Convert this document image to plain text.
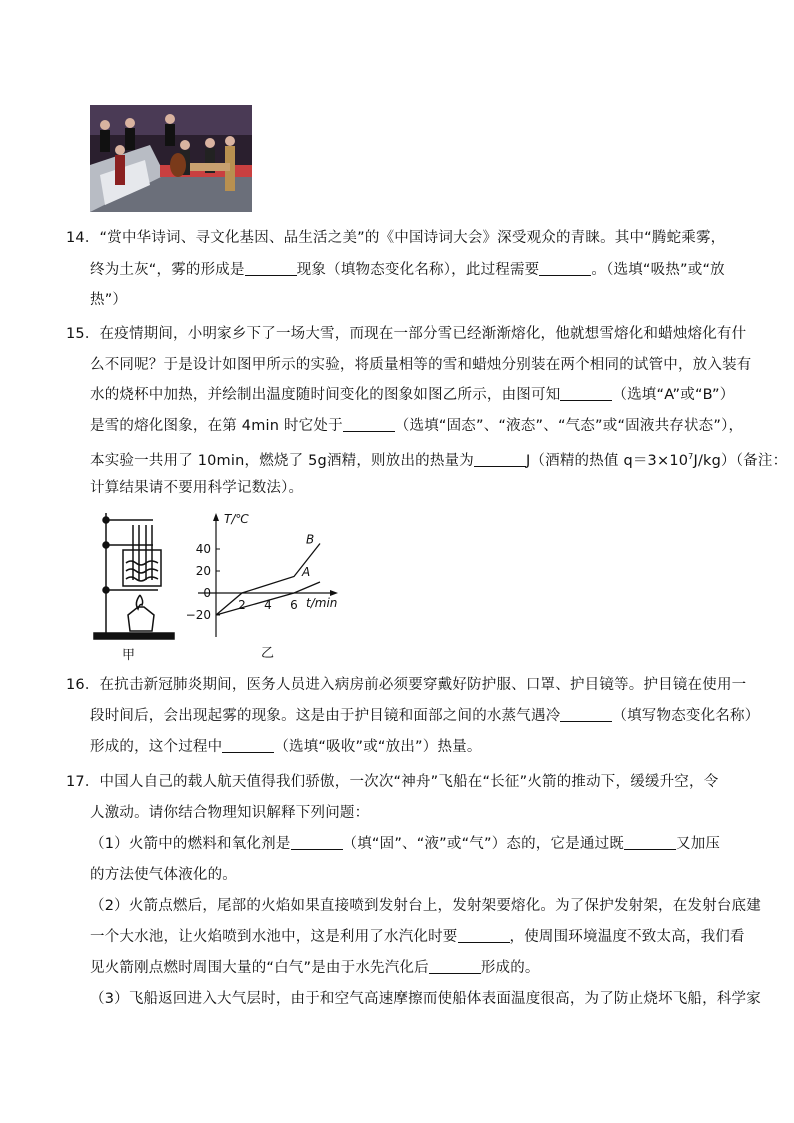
14．“赏中华诗词、寻文化基因、品生活之美”的《中国诗词大会》深受观众的青睐。其中“腾蛇乘雾，
终为土灰“，雾的形成是	现象（填物态变化名称），此过程需要	。（选填“吸热”或“放
热”）
15．在疫情期间，小明家乡下了一场大雪，而现在一部分雪已经渐渐熔化，他就想雪熔化和蜡烛熔化有什
么不同呢？于是设计如图甲所示的实验，将质量相等的雪和蜡烛分别装在两个相同的试管中，放入装有
水的烧杯中加热，并绘制出温度随时间变化的图象如图乙所示，由图可知	（选填“A”或“B”）
是雪的熔化图象，在第 4min 时它处于	（选填“固态”、“液态”、“气态”或“固液共存状态”），
本实验一共用了 10min，燃烧了 5g酒精，则放出的热量为	J（酒精的热值 $q=3\times 10^7J/kg$）（备注：
计算结果请不要用科学记数法）。
甲
40
20
0
−20
2 4 6
A
B
T/℃
t/min
乙
16．在抗击新冠肺炎期间，医务人员进入病房前必须要穿戴好防护服、口罩、护目镜等。护目镜在使用一
段时间后，会出现起雾的现象。这是由于护目镜和面部之间的水蒸气遇冷	（填写物态变化名称）
形成的，这个过程中	（选填“吸收”或“放出”）热量。
17．中国人自己的载人航天值得我们骄傲，一次次“神舟”飞船在“长征”火箭的推动下，缓缓升空，令
人激动。请你结合物理知识解释下列问题：
（1）火箭中的燃料和氧化剂是	（填“固”、“液”或“气”）态的，它是通过既	又加压
的方法使气体液化的。
（2）火箭点燃后，尾部的火焰如果直接喷到发射台上，发射架要熔化。为了保护发射架，在发射台底建
一个大水池，让火焰喷到水池中，这是利用了水汽化时要	，使周围环境温度不致太高，我们看
见火箭刚点燃时周围大量的“白气”是由于水先汽化后	形成的。
（3）飞船返回进入大气层时，由于和空气高速摩擦而使船体表面温度很高，为了防止烧坏飞船，科学家
